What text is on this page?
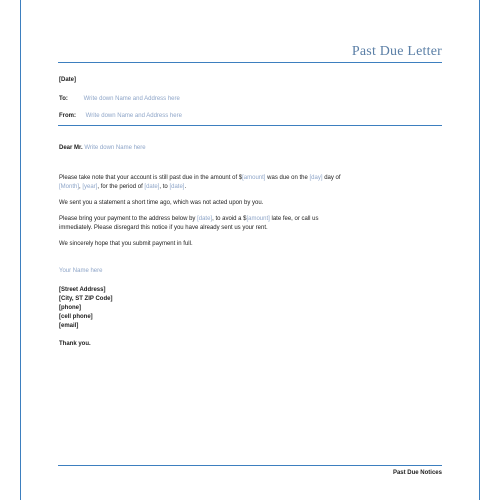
Past Due Letter
[Date]
To:	Write down Name and Address here
From: Write down Name and Address here
Dear Mr. Write down Name here
Please take note that your account is still past due in the amount of $[amount] was due on the [day] day of
[Month], [year], for the period of [date], to [date].
We sent you a statement a short time ago, which was not acted upon by you.
Please bring your payment to the address below by [date], to avoid a $[amount] late fee, or call us
immediately. Please disregard this notice if you have already sent us your rent.
We sincerely hope that you submit payment in full.
Your Name here
[Street Address]
[City, ST ZIP Code]
[phone]
[cell phone]
[email]
Thank you.
Past Due Notices
